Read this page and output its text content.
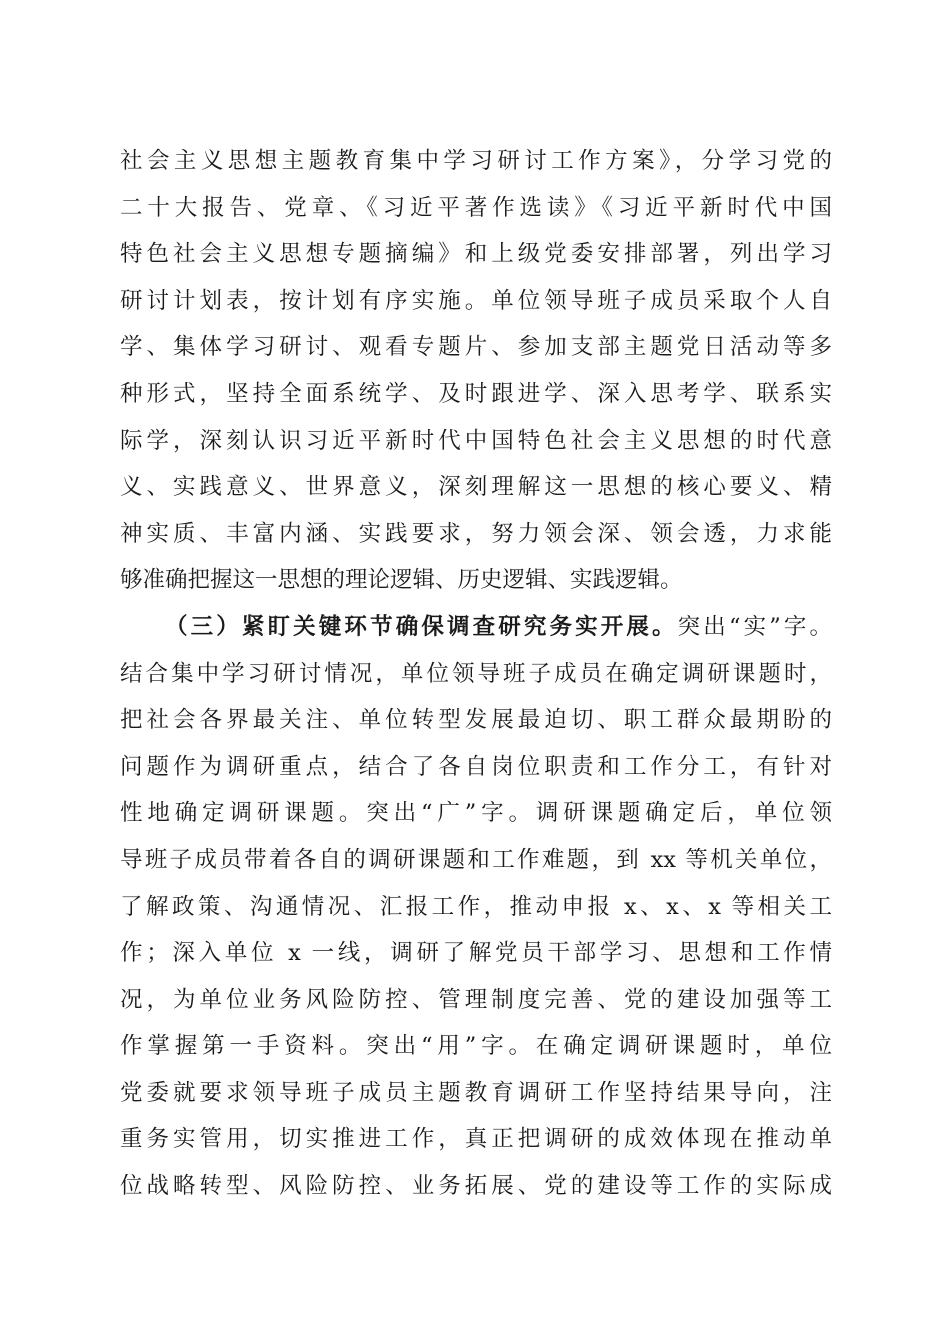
社会主义思想主题教育集中学习研讨工作方案》，分学习党的
二十大报告、党章、《习近平著作选读》《习近平新时代中国
特色社会主义思想专题摘编》和上级党委安排部署，列出学习
研讨计划表，按计划有序实施。单位领导班子成员采取个人自
学、集体学习研讨、观看专题片、参加支部主题党日活动等多
种形式，坚持全面系统学、及时跟进学、深入思考学、联系实
际学，深刻认识习近平新时代中国特色社会主义思想的时代意
义、实践意义、世界意义，深刻理解这一思想的核心要义、精
神实质、丰富内涵、实践要求，努力领会深、领会透，力求能
够准确把握这一思想的理论逻辑、历史逻辑、实践逻辑。
（三）紧盯关键环节确保调查研究务实开展。突出“实”字。
结合集中学习研讨情况，单位领导班子成员在确定调研课题时，
把社会各界最关注、单位转型发展最迫切、职工群众最期盼的
问题作为调研重点，结合了各自岗位职责和工作分工，有针对
性地确定调研课题。突出“广”字。调研课题确定后，单位领
导班子成员带着各自的调研课题和工作难题，到 xx 等机关单位，
了解政策、沟通情况、汇报工作，推动申报 x、x、x 等相关工
作；深入单位 x 一线，调研了解党员干部学习、思想和工作情
况，为单位业务风险防控、管理制度完善、党的建设加强等工
作掌握第一手资料。突出“用”字。在确定调研课题时，单位
党委就要求领导班子成员主题教育调研工作坚持结果导向，注
重务实管用，切实推进工作，真正把调研的成效体现在推动单
位战略转型、风险防控、业务拓展、党的建设等工作的实际成
